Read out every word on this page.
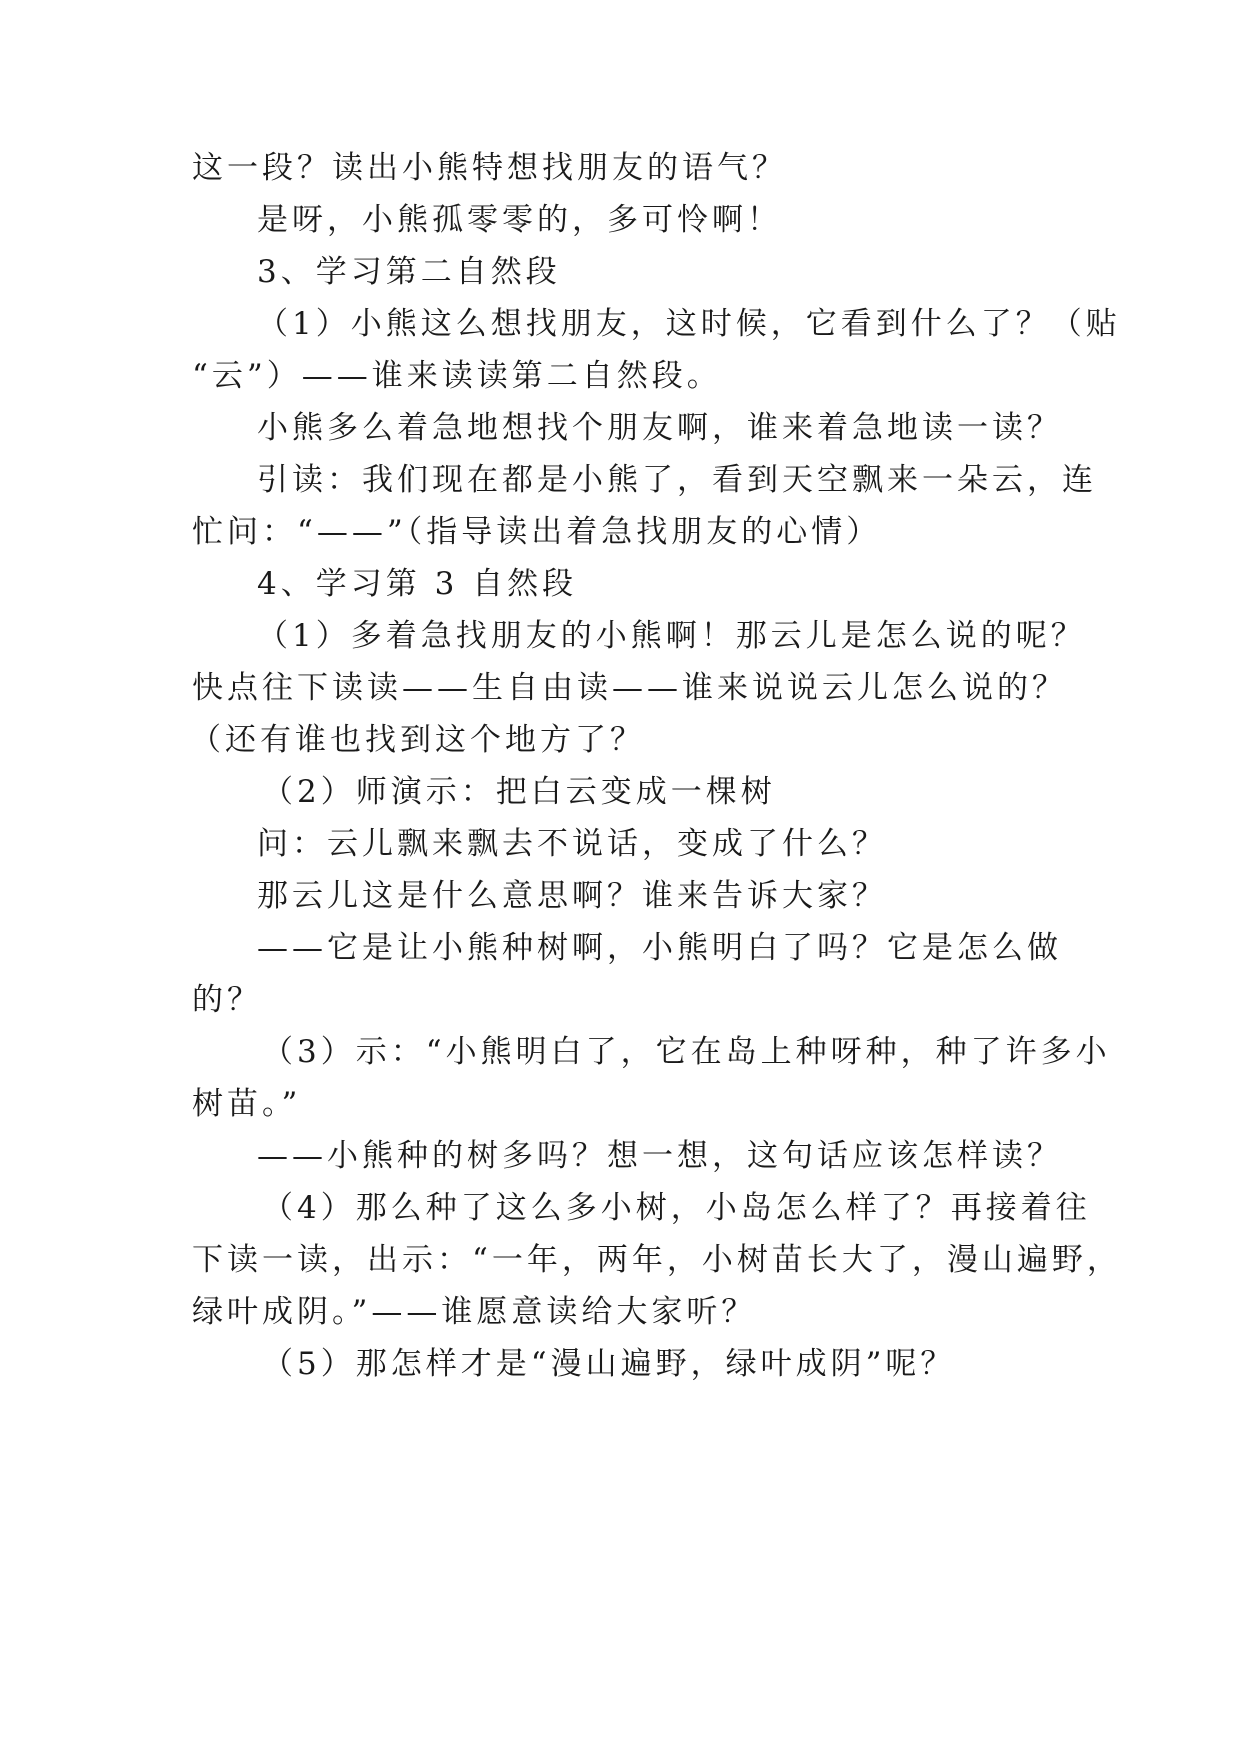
这一段？读出小熊特想找朋友的语气？

是呀，小熊孤零零的，多可怜啊！

3、学习第二自然段

（1）小熊这么想找朋友，这时候，它看到什么了？（贴

“云”）——谁来读读第二自然段。

小熊多么着急地想找个朋友啊，谁来着急地读一读？

引读：我们现在都是小熊了，看到天空飘来一朵云，连

忙问：“——”（指导读出着急找朋友的心情）

4、学习第 3 自然段

（1）多着急找朋友的小熊啊！那云儿是怎么说的呢？

快点往下读读——生自由读——谁来说说云儿怎么说的？

（还有谁也找到这个地方了？

（2）师演示：把白云变成一棵树

问：云儿飘来飘去不说话，变成了什么？

那云儿这是什么意思啊？谁来告诉大家？

——它是让小熊种树啊，小熊明白了吗？它是怎么做

的？

（3）示：“小熊明白了，它在岛上种呀种，种了许多小

树苗。”

——小熊种的树多吗？想一想，这句话应该怎样读？

（4）那么种了这么多小树，小岛怎么样了？再接着往

下读一读，出示：“一年，两年，小树苗长大了，漫山遍野，

绿叶成阴。”——谁愿意读给大家听？

（5）那怎样才是“漫山遍野，绿叶成阴”呢？
